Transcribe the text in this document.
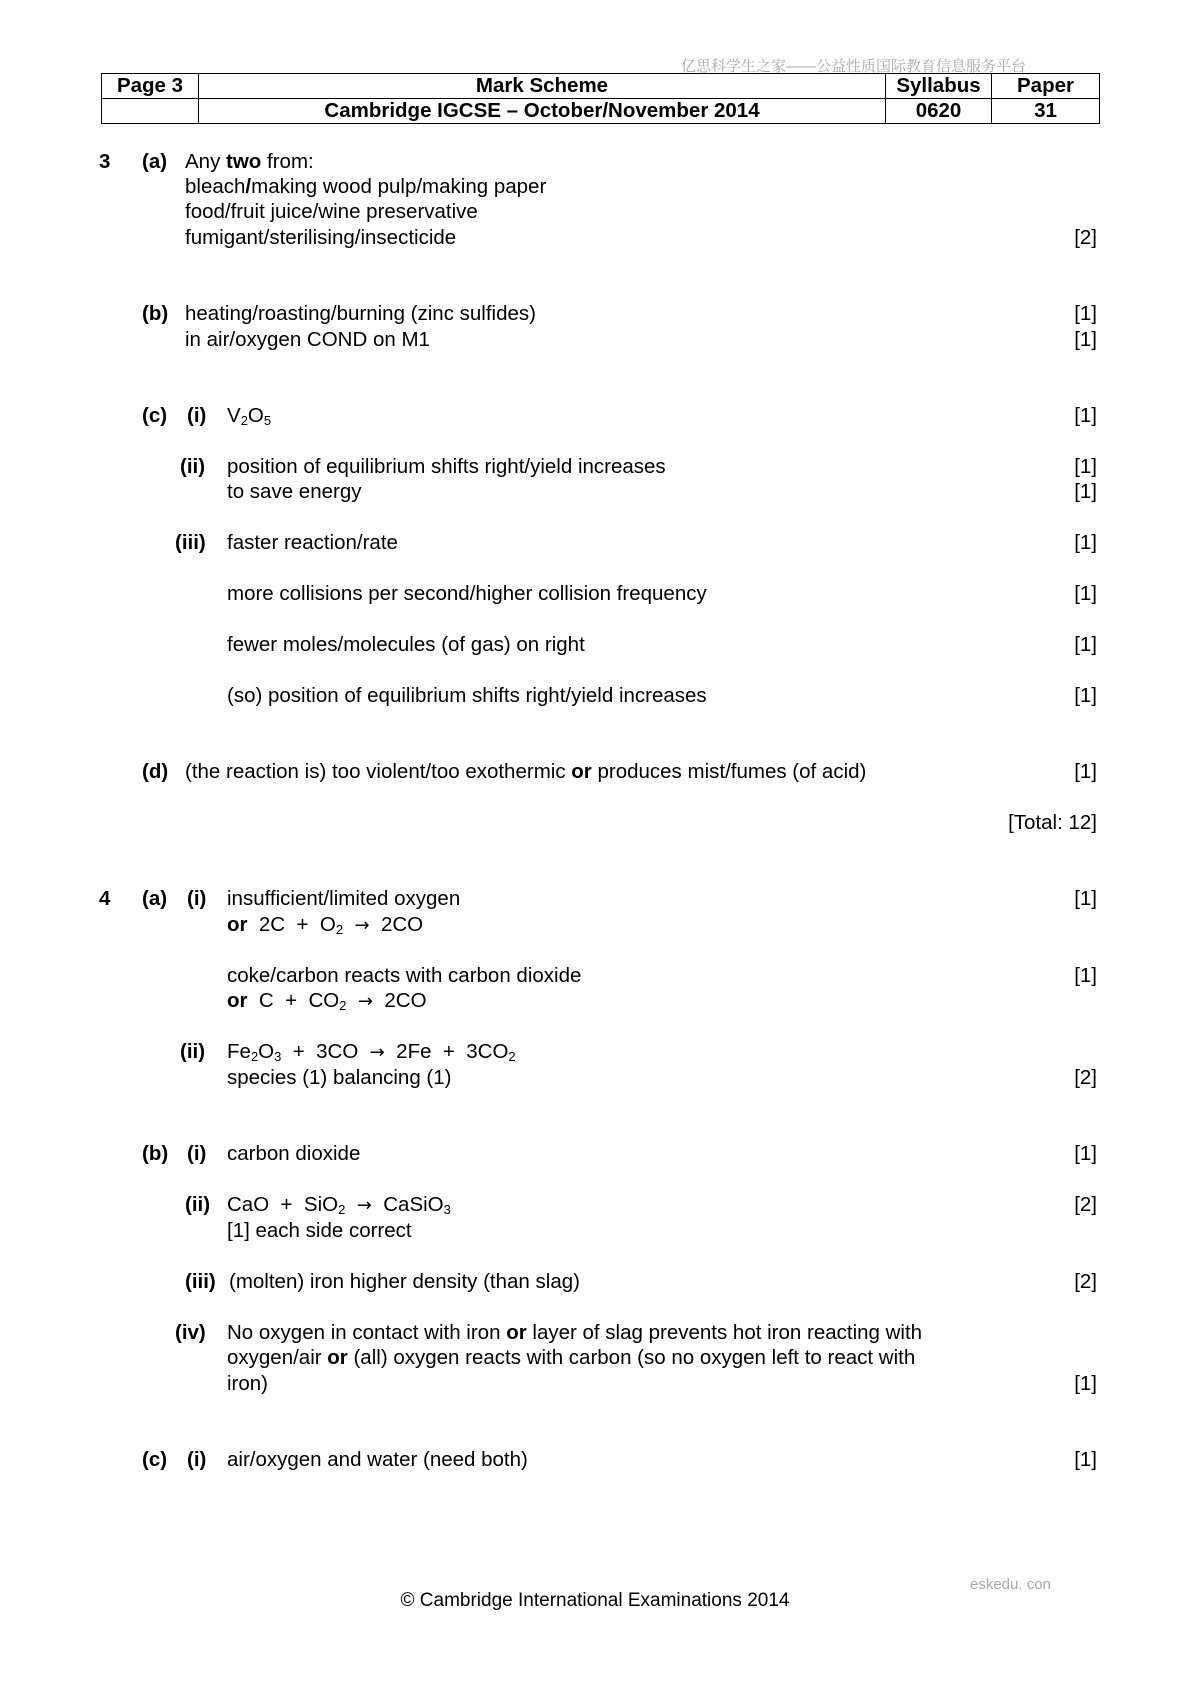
亿思科学生之家——公益性质国际教育信息服务平台
eskedu. con
Page 3	Mark Scheme	Syllabus	Paper
	Cambridge IGCSE – October/November 2014	0620	31
3 (a) Any two from:
bleach/making wood pulp/making paper
food/fruit juice/wine preservative
fumigant/sterilising/insecticide	[2]
(b) heating/roasting/burning (zinc sulfides)	[1]
in air/oxygen COND on M1	[1]
(c) (i) $V_2O_5$	[1]
(ii) position of equilibrium shifts right/yield increases	[1]
to save energy	[1]
(iii) faster reaction/rate	[1]
more collisions per second/higher collision frequency	[1]
fewer moles/molecules (of gas) on right	[1]
(so) position of equilibrium shifts right/yield increases	[1]
(d) (the reaction is) too violent/too exothermic or produces mist/fumes (of acid)	[1]
[Total: 12]
4 (a) (i) insufficient/limited oxygen	[1]
or $2C + O_2 \to 2CO$
coke/carbon reacts with carbon dioxide	[1]
or $C + CO_2 \to 2CO$
(ii) $Fe_2O_3 + 3CO \to 2Fe + 3CO_2$
species (1) balancing (1)	[2]
(b) (i) carbon dioxide	[1]
(ii) CaO  +  SiO$_2$ → CaSiO$_3$	[2]
[1] each side correct
(iii) (molten) iron higher density (than slag)	[2]
(iv) No oxygen in contact with iron or layer of slag prevents hot iron reacting with
oxygen/air or (all) oxygen reacts with carbon (so no oxygen left to react with
iron)	[1]
(c) (i) air/oxygen and water (need both)	[1]
© Cambridge International Examinations 2014
